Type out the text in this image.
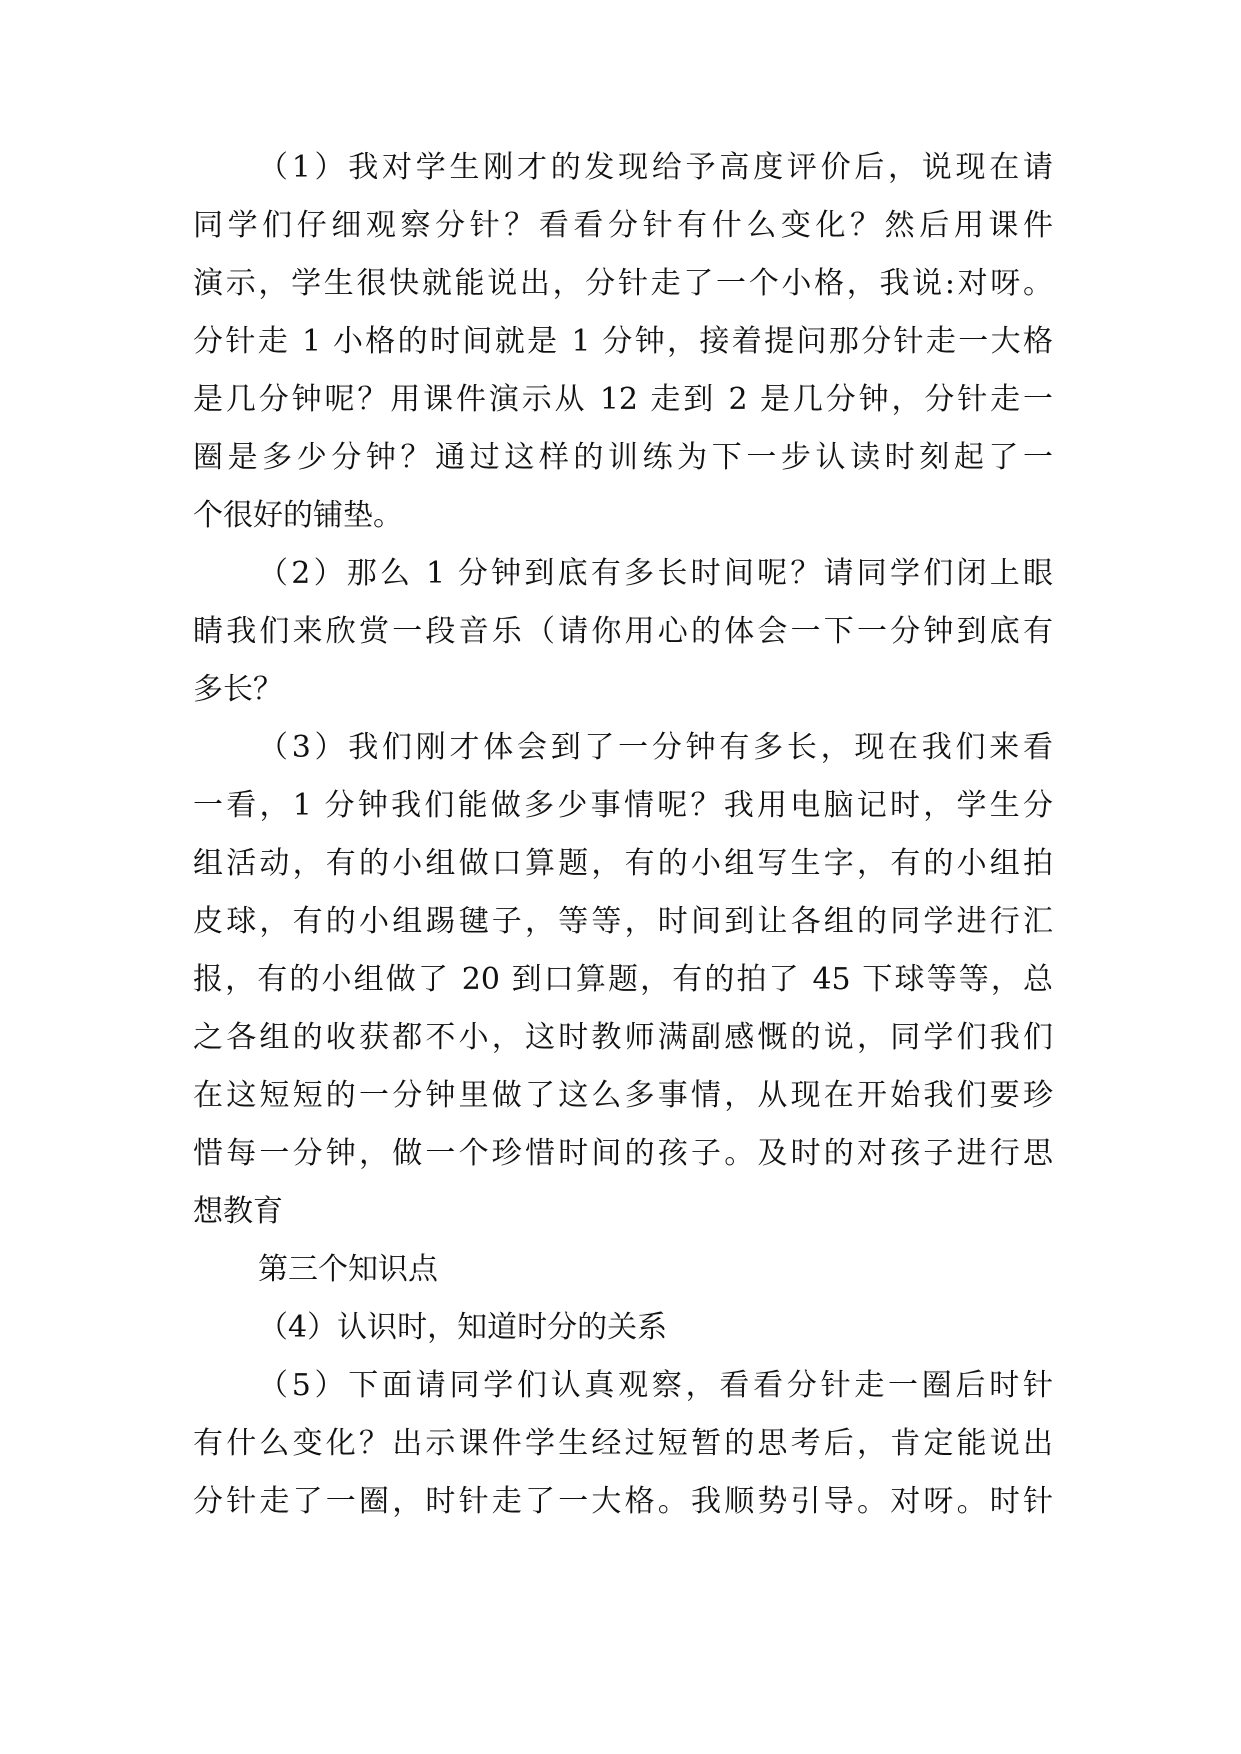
（1）我对学生刚才的发现给予高度评价后，说现在请
同学们仔细观察分针？看看分针有什么变化？然后用课件
演示，学生很快就能说出，分针走了一个小格，我说:对呀。
分针走 1 小格的时间就是 1 分钟，接着提问那分针走一大格
是几分钟呢？用课件演示从 12 走到 2 是几分钟，分针走一
圈是多少分钟？通过这样的训练为下一步认读时刻起了一
个很好的铺垫。
（2）那么 1 分钟到底有多长时间呢？请同学们闭上眼
睛我们来欣赏一段音乐（请你用心的体会一下一分钟到底有
多长？
（3）我们刚才体会到了一分钟有多长，现在我们来看
一看，1 分钟我们能做多少事情呢？我用电脑记时，学生分
组活动，有的小组做口算题，有的小组写生字，有的小组拍
皮球，有的小组踢毽子，等等，时间到让各组的同学进行汇
报，有的小组做了 20 到口算题，有的拍了 45 下球等等，总
之各组的收获都不小，这时教师满副感慨的说，同学们我们
在这短短的一分钟里做了这么多事情，从现在开始我们要珍
惜每一分钟，做一个珍惜时间的孩子。及时的对孩子进行思
想教育
第三个知识点
（4）认识时，知道时分的关系
（5）下面请同学们认真观察，看看分针走一圈后时针
有什么变化？出示课件学生经过短暂的思考后，肯定能说出
分针走了一圈，时针走了一大格。我顺势引导。对呀。时针
